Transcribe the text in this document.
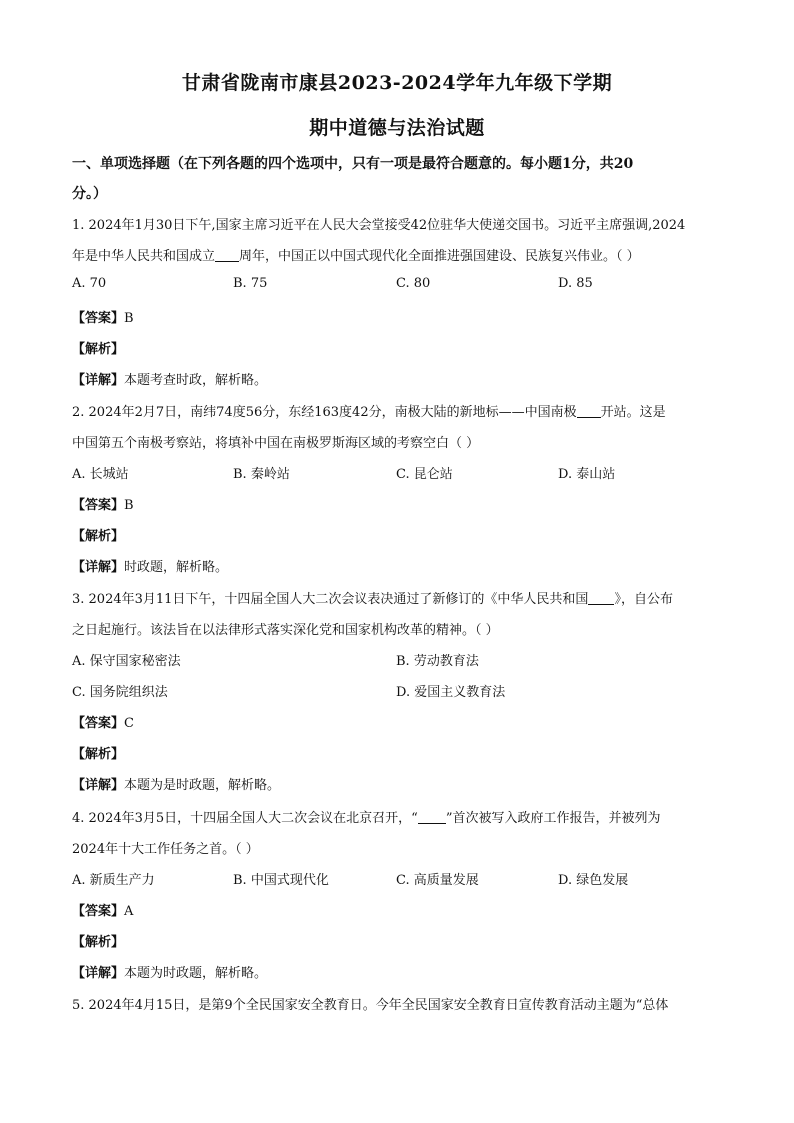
甘肃省陇南市康县2023-2024学年九年级下学期
期中道德与法治试题
一、单项选择题（在下列各题的四个选项中，只有一项是最符合题意的。每小题1分，共20
分。）
1. 2024年1月30日下午,国家主席习近平在人民大会堂接受42位驻华大使递交国书。习近平主席强调,2024
年是中华人民共和国成立 周年，中国正以中国式现代化全面推进强国建设、民族复兴伟业。（ ）
A. 70	B. 75	C. 80	D. 85
【答案】B
【解析】
【详解】本题考查时政，解析略。
2. 2024年2月7日，南纬74度56分，东经163度42分，南极大陆的新地标——中国南极 开站。这是
中国第五个南极考察站，将填补中国在南极罗斯海区域的考察空白（ ）
A. 长城站	B. 秦岭站	C. 昆仑站	D. 泰山站
【答案】B
【解析】
【详解】时政题，解析略。
3. 2024年3月11日下午，十四届全国人大二次会议表决通过了新修订的《中华人民共和国 》，自公布
之日起施行。该法旨在以法律形式落实深化党和国家机构改革的精神。（ ）
A. 保守国家秘密法	B. 劳动教育法
C. 国务院组织法	D. 爱国主义教育法
【答案】C
【解析】
【详解】本题为是时政题，解析略。
4. 2024年3月5日，十四届全国人大二次会议在北京召开，“ ”首次被写入政府工作报告，并被列为
2024年十大工作任务之首。（ ）
A. 新质生产力	B. 中国式现代化	C. 高质量发展	D. 绿色发展
【答案】A
【解析】
【详解】本题为时政题，解析略。
5. 2024年4月15日，是第9个全民国家安全教育日。今年全民国家安全教育日宣传教育活动主题为“总体
